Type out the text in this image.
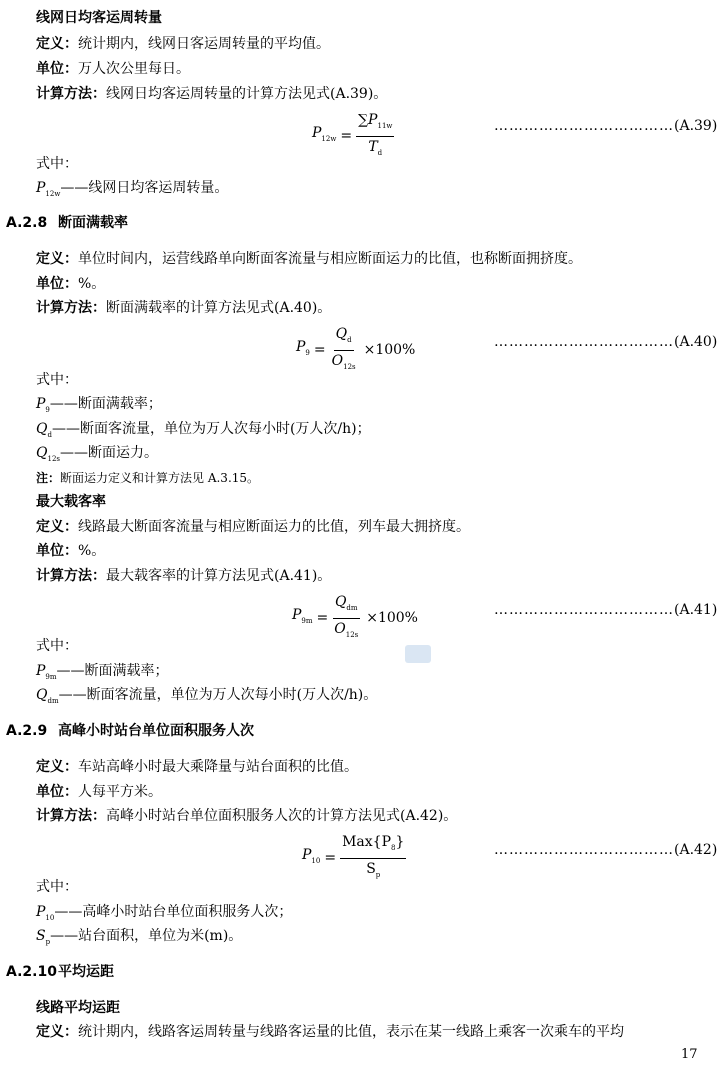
线网日均客运周转量
定义：统计期内，线网日客运周转量的平均值。
单位：万人次公里每日。
计算方法：线网日均客运周转量的计算方法见式(A.39)。
$P_{12w} = \frac{\sum P_{11w}}{T_d}$	………………………………(A.39)
式中：
$P_{12w}——$线网日均客运周转量。
A.2.8 断面满载率
定义：单位时间内，运营线路单向断面客流量与相应断面运力的比值，也称断面拥挤度。
单位：%。
计算方法：断面满载率的计算方法见式(A.40)。
$P_9 = \frac{Q_d}{O_{12s}} \times 100\%$
………………………………(A.40)
式中：
$P_9——$断面满载率；
$Q_d——$断面客流量，单位为万人次每小时(万人次/h)；
$Q_{12s}——$断面运力。
注：断面运力定义和计算方法见 A.3.15。
最大载客率
定义：线路最大断面客流量与相应断面运力的比值，列车最大拥挤度。
单位：%。
计算方法：最大载客率的计算方法见式(A.41)。
$P_{9m} = \frac{Q_{dm}}{O_{12s}} \times 100\%$
………………………………(A.41)
式中：
$P_{9m}——$断面满载率；
$Q_{dm}——$断面客流量，单位为万人次每小时(万人次/h)。
A.2.9 高峰小时站台单位面积服务人次
定义：车站高峰小时最大乘降量与站台面积的比值。
单位：人每平方米。
计算方法：高峰小时站台单位面积服务人次的计算方法见式(A.42)。
$P_{10} = \frac{Max\{P_8\}}{S_p}$	………………………………(A.42)
式中：
$P_{10}——$高峰小时站台单位面积服务人次；
$S_p——$站台面积，单位为米(m)。
A.2.10平均运距
线路平均运距
定义：统计期内，线路客运周转量与线路客运量的比值，表示在某一线路上乘客一次乘车的平均
17
